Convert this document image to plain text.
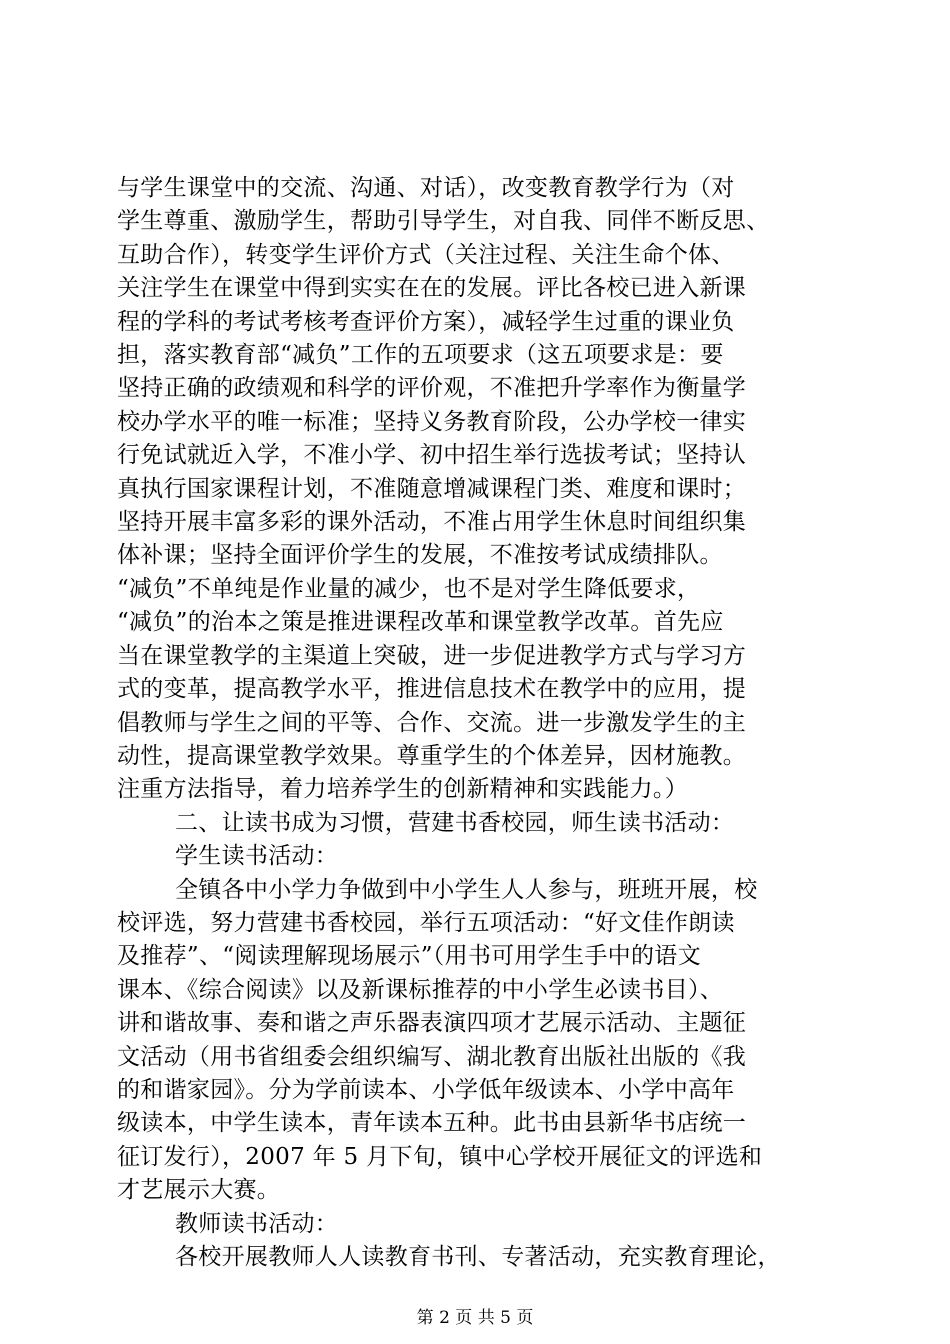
与学生课堂中的交流、沟通、对话），改变教育教学行为（对
学生尊重、激励学生，帮助引导学生，对自我、同伴不断反思、
互助合作），转变学生评价方式（关注过程、关注生命个体、
关注学生在课堂中得到实实在在的发展。评比各校已进入新课
程的学科的考试考核考查评价方案），减轻学生过重的课业负
担，落实教育部“减负”工作的五项要求（这五项要求是：要
坚持正确的政绩观和科学的评价观，不准把升学率作为衡量学
校办学水平的唯一标准；坚持义务教育阶段，公办学校一律实
行免试就近入学，不准小学、初中招生举行选拔考试；坚持认
真执行国家课程计划，不准随意增减课程门类、难度和课时；
坚持开展丰富多彩的课外活动，不准占用学生休息时间组织集
体补课；坚持全面评价学生的发展，不准按考试成绩排队。
“减负”不单纯是作业量的减少，也不是对学生降低要求，
“减负”的治本之策是推进课程改革和课堂教学改革。首先应
当在课堂教学的主渠道上突破，进一步促进教学方式与学习方
式的变革，提高教学水平，推进信息技术在教学中的应用，提
倡教师与学生之间的平等、合作、交流。进一步激发学生的主
动性，提高课堂教学效果。尊重学生的个体差异，因材施教。
注重方法指导，着力培养学生的创新精神和实践能力。）
二、让读书成为习惯，营建书香校园，师生读书活动：
学生读书活动：
全镇各中小学力争做到中小学生人人参与，班班开展，校
校评选，努力营建书香校园，举行五项活动：“好文佳作朗读
及推荐”、“阅读理解现场展示”（用书可用学生手中的语文
课本、《综合阅读》以及新课标推荐的中小学生必读书目）、
讲和谐故事、奏和谐之声乐器表演四项才艺展示活动、主题征
文活动（用书省组委会组织编写、湖北教育出版社出版的《我
的和谐家园》。分为学前读本、小学低年级读本、小学中高年
级读本，中学生读本，青年读本五种。此书由县新华书店统一
征订发行），2007 年 5 月下旬，镇中心学校开展征文的评选和
才艺展示大赛。
教师读书活动：
各校开展教师人人读教育书刊、专著活动，充实教育理论，
第 2 页 共 5 页
